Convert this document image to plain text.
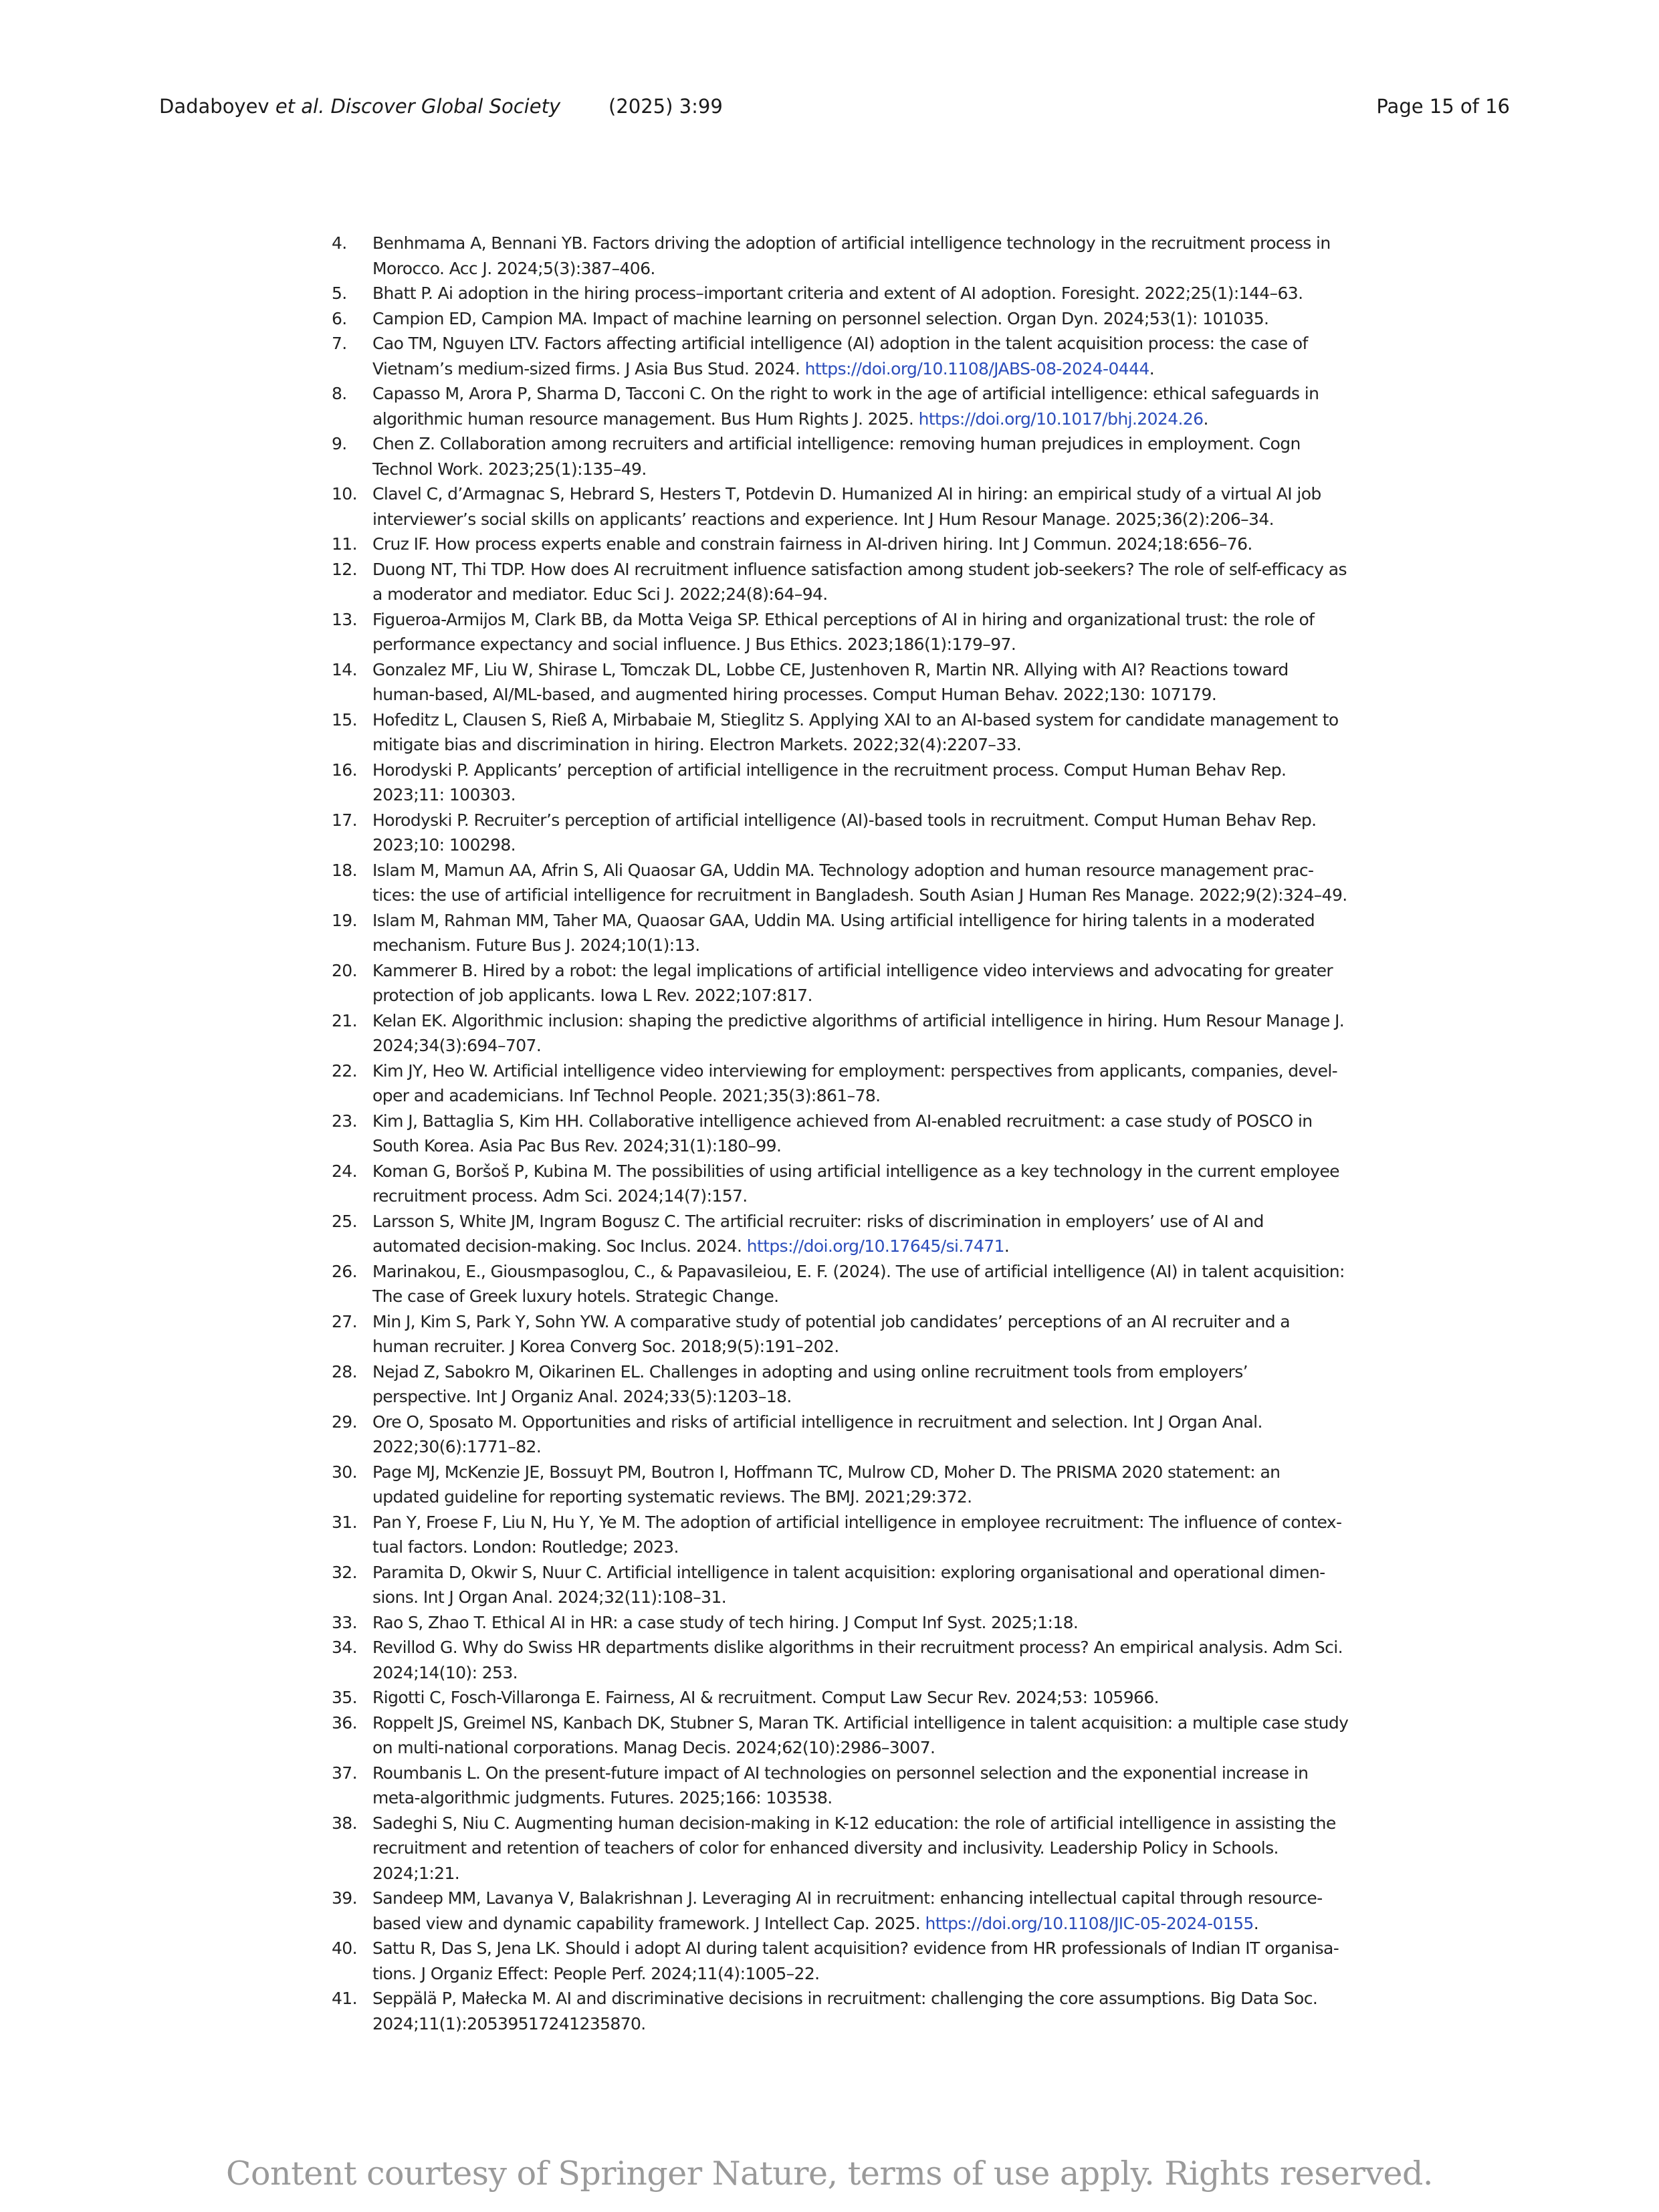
Dadaboyev et al. Discover Global Society (2025) 3:99	Page 15 of 16
4.	Benhmama A, Bennani YB. Factors driving the adoption of artificial intelligence technology in the recruitment process in Morocco. Acc J. 2024;5(3):387–406.
5.	Bhatt P. Ai adoption in the hiring process–important criteria and extent of AI adoption. Foresight. 2022;25(1):144–63.
6.	Campion ED, Campion MA. Impact of machine learning on personnel selection. Organ Dyn. 2024;53(1): 101035.
7.	Cao TM, Nguyen LTV. Factors affecting artificial intelligence (AI) adoption in the talent acquisition process: the case of Vietnam’s medium-sized firms. J Asia Bus Stud. 2024. https://doi.org/10.1108/JABS-08-2024-0444.
8.	Capasso M, Arora P, Sharma D, Tacconi C. On the right to work in the age of artificial intelligence: ethical safeguards in algorithmic human resource management. Bus Hum Rights J. 2025. https://doi.org/10.1017/bhj.2024.26.
9.	Chen Z. Collaboration among recruiters and artificial intelligence: removing human prejudices in employment. Cogn Technol Work. 2023;25(1):135–49.
10. Clavel C, d’Armagnac S, Hebrard S, Hesters T, Potdevin D. Humanized AI in hiring: an empirical study of a virtual AI job interviewer’s social skills on applicants’ reactions and experience. Int J Hum Resour Manage. 2025;36(2):206–34.
11. Cruz IF. How process experts enable and constrain fairness in AI-driven hiring. Int J Commun. 2024;18:656–76.
12. Duong NT, Thi TDP. How does AI recruitment influence satisfaction among student job-seekers? The role of self-efficacy as a moderator and mediator. Educ Sci J. 2022;24(8):64–94.
13. Figueroa-Armijos M, Clark BB, da Motta Veiga SP. Ethical perceptions of AI in hiring and organizational trust: the role of performance expectancy and social influence. J Bus Ethics. 2023;186(1):179–97.
14. Gonzalez MF, Liu W, Shirase L, Tomczak DL, Lobbe CE, Justenhoven R, Martin NR. Allying with AI? Reactions toward human-based, AI/ML-based, and augmented hiring processes. Comput Human Behav. 2022;130: 107179.
15. Hofeditz L, Clausen S, Rieß A, Mirbabaie M, Stieglitz S. Applying XAI to an AI-based system for candidate management to mitigate bias and discrimination in hiring. Electron Markets. 2022;32(4):2207–33.
16. Horodyski P. Applicants’ perception of artificial intelligence in the recruitment process. Comput Human Behav Rep. 2023;11: 100303.
17. Horodyski P. Recruiter’s perception of artificial intelligence (AI)-based tools in recruitment. Comput Human Behav Rep. 2023;10: 100298.
18. Islam M, Mamun AA, Afrin S, Ali Quaosar GA, Uddin MA. Technology adoption and human resource management prac-tices: the use of artificial intelligence for recruitment in Bangladesh. South Asian J Human Res Manage. 2022;9(2):324–49.
19. Islam M, Rahman MM, Taher MA, Quaosar GAA, Uddin MA. Using artificial intelligence for hiring talents in a moderated mechanism. Future Bus J. 2024;10(1):13.
20. Kammerer B. Hired by a robot: the legal implications of artificial intelligence video interviews and advocating for greater protection of job applicants. Iowa L Rev. 2022;107:817.
21. Kelan EK. Algorithmic inclusion: shaping the predictive algorithms of artificial intelligence in hiring. Hum Resour Manage J. 2024;34(3):694–707.
22. Kim JY, Heo W. Artificial intelligence video interviewing for employment: perspectives from applicants, companies, devel-oper and academicians. Inf Technol People. 2021;35(3):861–78.
23. Kim J, Battaglia S, Kim HH. Collaborative intelligence achieved from AI-enabled recruitment: a case study of POSCO in South Korea. Asia Pac Bus Rev. 2024;31(1):180–99.
24. Koman G, Boršoš P, Kubina M. The possibilities of using artificial intelligence as a key technology in the current employee recruitment process. Adm Sci. 2024;14(7):157.
25. Larsson S, White JM, Ingram Bogusz C. The artificial recruiter: risks of discrimination in employers’ use of AI and automated decision-making. Soc Inclus. 2024. https://doi.org/10.17645/si.7471.
26. Marinakou, E., Giousmpasoglou, C., & Papavasileiou, E. F. (2024). The use of artificial intelligence (AI) in talent acquisition: The case of Greek luxury hotels. Strategic Change.
27. Min J, Kim S, Park Y, Sohn YW. A comparative study of potential job candidates’ perceptions of an AI recruiter and a human recruiter. J Korea Converg Soc. 2018;9(5):191–202.
28. Nejad Z, Sabokro M, Oikarinen EL. Challenges in adopting and using online recruitment tools from employers’ perspective. Int J Organiz Anal. 2024;33(5):1203–18.
29. Ore O, Sposato M. Opportunities and risks of artificial intelligence in recruitment and selection. Int J Organ Anal. 2022;30(6):1771–82.
30. Page MJ, McKenzie JE, Bossuyt PM, Boutron I, Hoffmann TC, Mulrow CD, Moher D. The PRISMA 2020 statement: an updated guideline for reporting systematic reviews. The BMJ. 2021;29:372.
31. Pan Y, Froese F, Liu N, Hu Y, Ye M. The adoption of artificial intelligence in employee recruitment: The influence of contex-tual factors. London: Routledge; 2023.
32. Paramita D, Okwir S, Nuur C. Artificial intelligence in talent acquisition: exploring organisational and operational dimen-sions. Int J Organ Anal. 2024;32(11):108–31.
33. Rao S, Zhao T. Ethical AI in HR: a case study of tech hiring. J Comput Inf Syst. 2025;1:18.
34. Revillod G. Why do Swiss HR departments dislike algorithms in their recruitment process? An empirical analysis. Adm Sci. 2024;14(10): 253.
35. Rigotti C, Fosch-Villaronga E. Fairness, AI & recruitment. Comput Law Secur Rev. 2024;53: 105966.
36. Roppelt JS, Greimel NS, Kanbach DK, Stubner S, Maran TK. Artificial intelligence in talent acquisition: a multiple case study on multi-national corporations. Manag Decis. 2024;62(10):2986–3007.
37. Roumbanis L. On the present-future impact of AI technologies on personnel selection and the exponential increase in meta-algorithmic judgments. Futures. 2025;166: 103538.
38. Sadeghi S, Niu C. Augmenting human decision-making in K-12 education: the role of artificial intelligence in assisting the recruitment and retention of teachers of color for enhanced diversity and inclusivity. Leadership Policy in Schools. 2024;1:21.
39. Sandeep MM, Lavanya V, Balakrishnan J. Leveraging AI in recruitment: enhancing intellectual capital through resource-based view and dynamic capability framework. J Intellect Cap. 2025. https://doi.org/10.1108/JIC-05-2024-0155.
40. Sattu R, Das S, Jena LK. Should i adopt AI during talent acquisition? evidence from HR professionals of Indian IT organisa-tions. J Organiz Effect: People Perf. 2024;11(4):1005–22.
41. Seppälä P, Małecka M. AI and discriminative decisions in recruitment: challenging the core assumptions. Big Data Soc. 2024;11(1):20539517241235870.
Content courtesy of Springer Nature, terms of use apply. Rights reserved.
